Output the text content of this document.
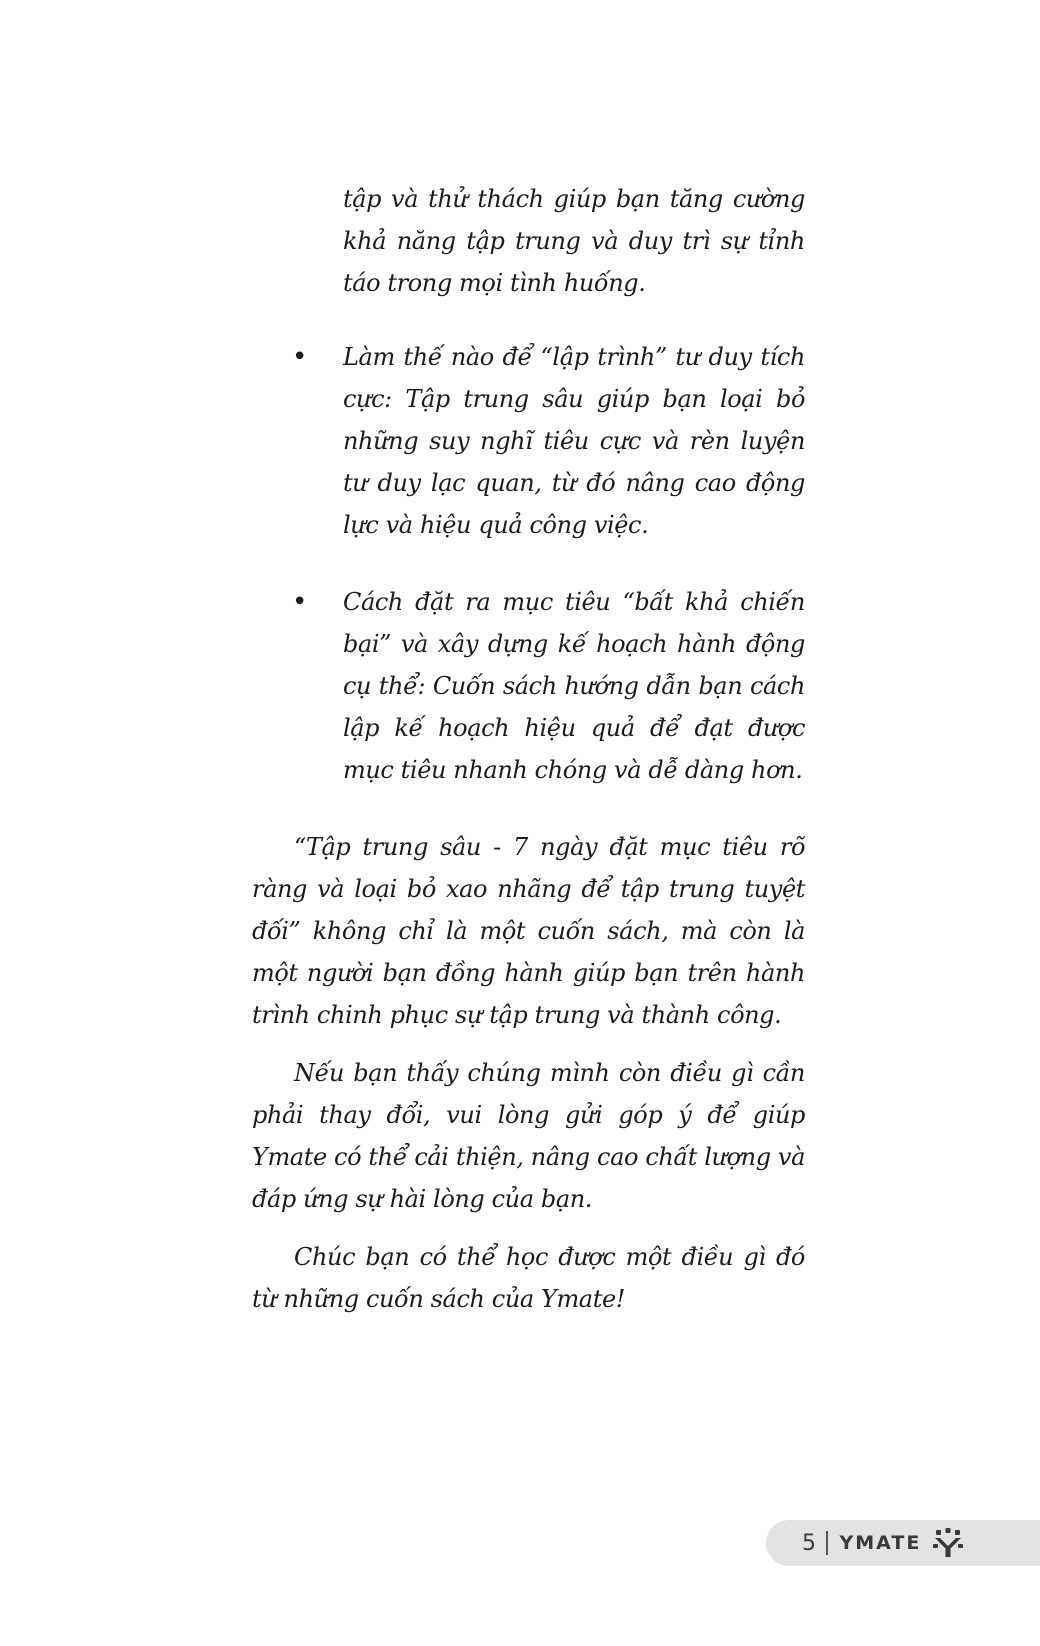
tập và thử thách giúp bạn tăng cường khả năng tập trung và duy trì sự tỉnh táo trong mọi tình huống.

• Làm thế nào để “lập trình” tư duy tích cực: Tập trung sâu giúp bạn loại bỏ những suy nghĩ tiêu cực và rèn luyện tư duy lạc quan, từ đó nâng cao động lực và hiệu quả công việc.

• Cách đặt ra mục tiêu “bất khả chiến bại” và xây dựng kế hoạch hành động cụ thể: Cuốn sách hướng dẫn bạn cách lập kế hoạch hiệu quả để đạt được mục tiêu nhanh chóng và dễ dàng hơn.

“Tập trung sâu - 7 ngày đặt mục tiêu rõ ràng và loại bỏ xao nhãng để tập trung tuyệt đối” không chỉ là một cuốn sách, mà còn là một người bạn đồng hành giúp bạn trên hành trình chinh phục sự tập trung và thành công.

Nếu bạn thấy chúng mình còn điều gì cần phải thay đổi, vui lòng gửi góp ý để giúp Ymate có thể cải thiện, nâng cao chất lượng và đáp ứng sự hài lòng của bạn.

Chúc bạn có thể học được một điều gì đó từ những cuốn sách của Ymate!

5 YMATE
